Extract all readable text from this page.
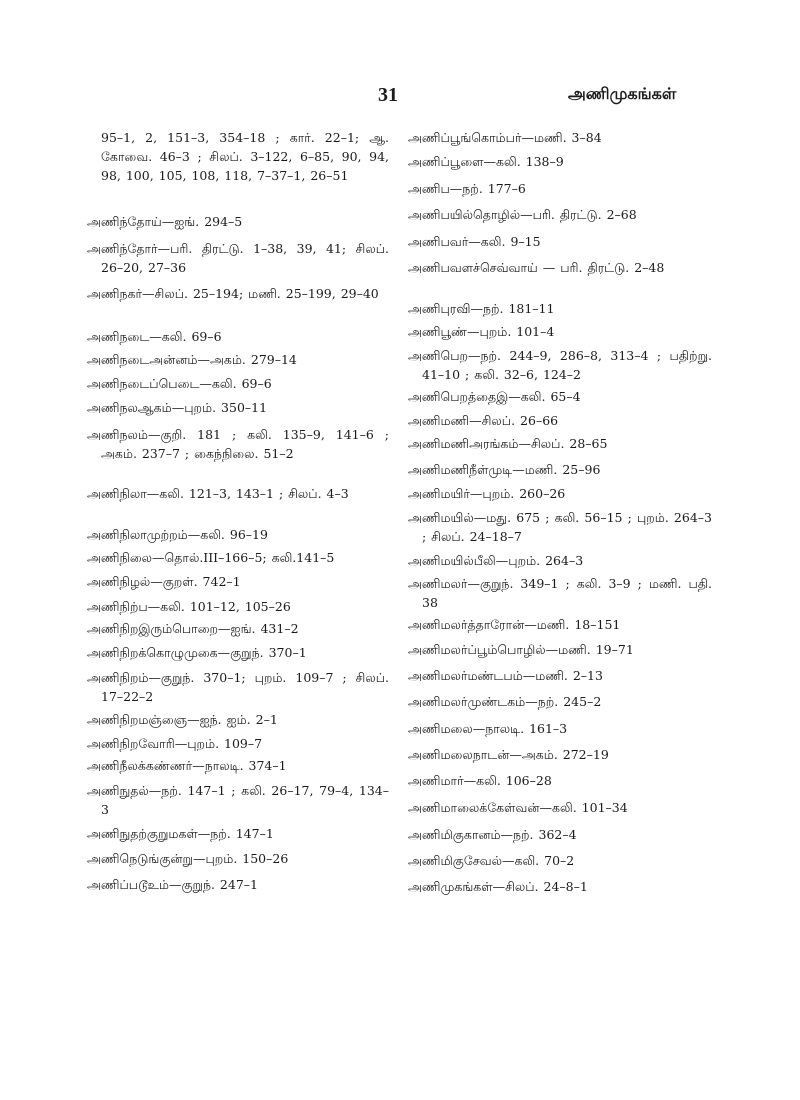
31	அணிமுகங்கள்
95–1, 2, 151–3, 354–18 ; கார். 22–1; ஆ. கோவை. 46–3 ; சிலப். 3–122, 6–85, 90, 94, 98, 100, 105, 108, 118, 7–37–1, 26–51
அணிந்தோய்—ஐங். 294–5
அணிந்தோர்—பரி. திரட்டு. 1–38, 39, 41; சிலப். 26–20, 27–36
அணிநகர்—சிலப். 25–194; மணி. 25–199, 29–40
அணிநடை—கலி. 69–6
அணிநடைஅன்னம்—அகம். 279–14
அணிநடைப்பெடை—கலி. 69–6
அணிநலஆகம்—புறம். 350–11
அணிநலம்—குறி. 181 ; கலி. 135–9, 141–6 ; அகம். 237–7 ; கைந்நிலை. 51–2
அணிநிலா—கலி. 121–3, 143–1 ; சிலப். 4–3
அணிநிலாமுற்றம்—கலி. 96–19
அணிநிலை—தொல்.III–166–5; கலி.141–5
அணிநிழல்—குறள். 742–1
அணிநிற்ப—கலி. 101–12, 105–26
அணிநிறஇரும்பொறை—ஐங். 431–2
அணிநிறக்கொழுமுகை—குறுந். 370–1
அணிநிறம்—குறுந். 370–1; புறம். 109–7 ; சிலப். 17–22–2
அணிநிறமஞ்ஞை—ஐந். ஐம். 2–1
அணிநிறவோரி—புறம். 109–7
அணிநீலக்கண்ணர்—நாலடி. 374–1
அணிநுதல்—நற். 147–1 ; கலி. 26–17, 79–4, 134–3
அணிநுதற்குறுமகள்—நற். 147–1
அணிநெடுங்குன்று—புறம். 150–26
அணிப்படூஉம்—குறுந். 247–1
அணிப்பூங்கொம்பர்—மணி. 3–84
அணிப்பூளை—கலி. 138–9
அணிப—நற். 177–6
அணிபயில்தொழில்—பரி. திரட்டு. 2–68
அணிபவர்—கலி. 9–15
அணிபவளச்செவ்வாய் — பரி. திரட்டு. 2–48
அணிபுரவி—நற். 181–11
அணிபூண்—புறம். 101–4
அணிபெற—நற். 244–9, 286–8, 313–4 ; பதிற்று. 41–10 ; கலி. 32–6, 124–2
அணிபெறத்தைஇ—கலி. 65–4
அணிமணி—சிலப். 26–66
அணிமணிஅரங்கம்—சிலப். 28–65
அணிமணிநீள்முடி—மணி. 25–96
அணிமயிர்—புறம். 260–26
அணிமயில்—மது. 675 ; கலி. 56–15 ; புறம். 264–3 ; சிலப். 24–18–7
அணிமயில்பீலி—புறம். 264–3
அணிமலர்—குறுந். 349–1 ; கலி. 3–9 ; மணி. பதி. 38
அணிமலர்த்தாரோன்—மணி. 18–151
அணிமலர்ப்பூம்பொழில்—மணி. 19–71
அணிமலர்மண்டபம்—மணி. 2–13
அணிமலர்முண்டகம்—நற். 245–2
அணிமலை—நாலடி. 161–3
அணிமலைநாடன்—அகம். 272–19
அணிமார்—கலி. 106–28
அணிமாலைக்கேள்வன்—கலி. 101–34
அணிமிகுகானம்—நற். 362–4
அணிமிகுசேவல்—கலி. 70–2
அணிமுகங்கள்—சிலப். 24–8–1
